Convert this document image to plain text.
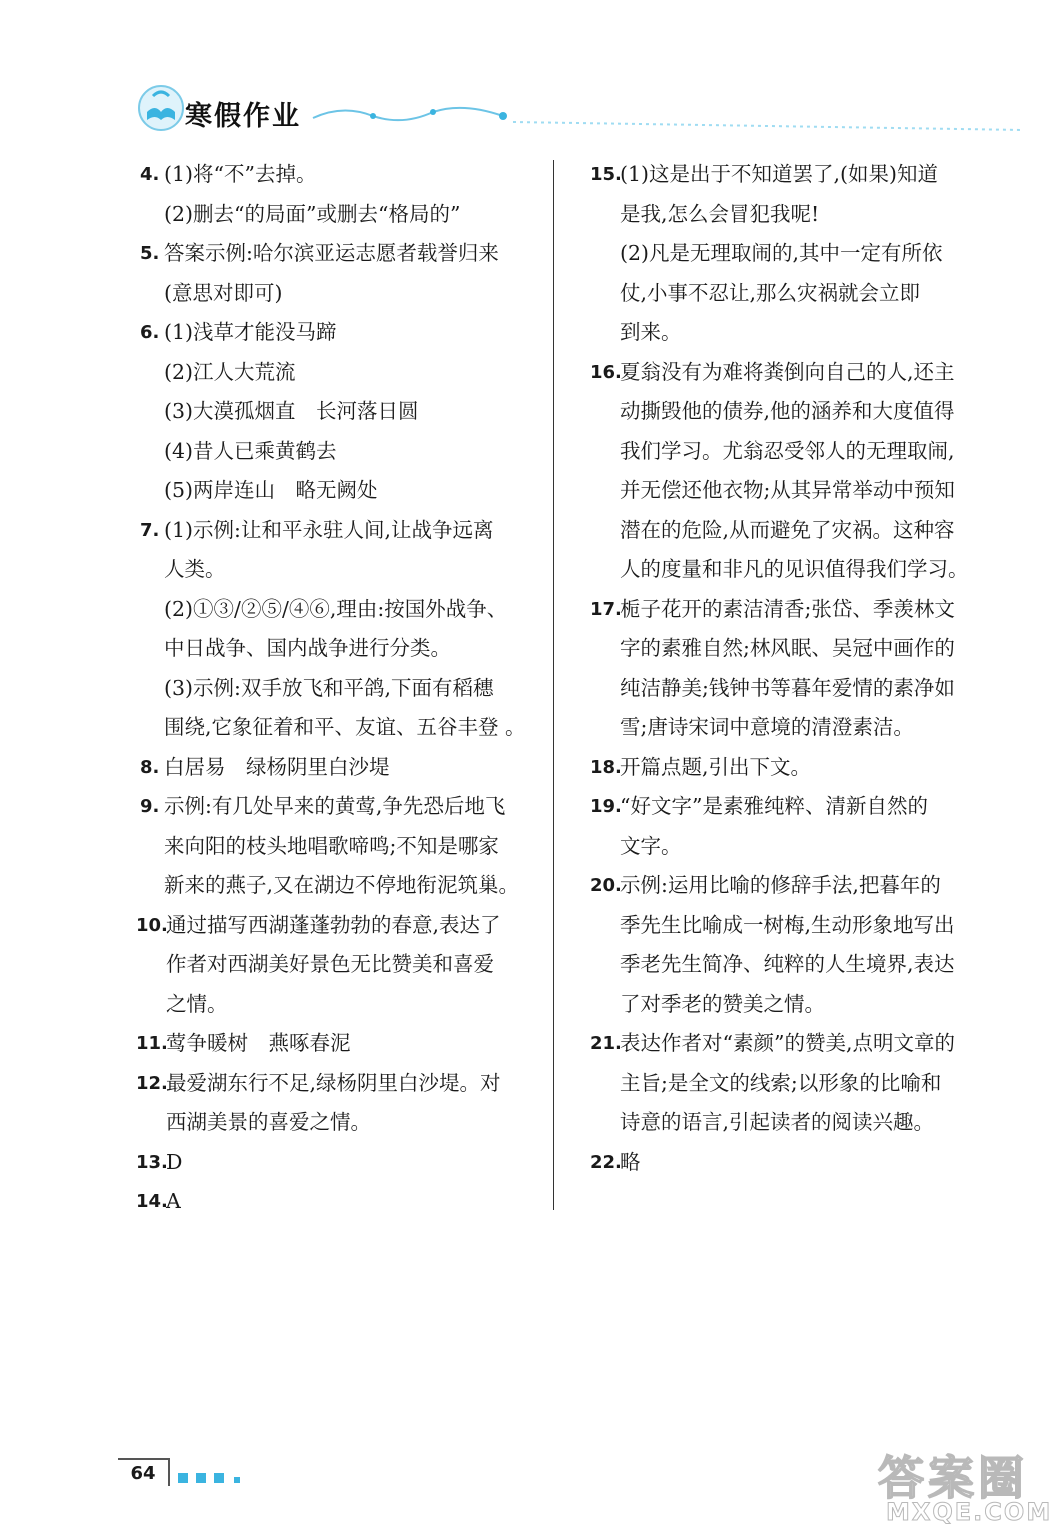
寒假作业
4. (1)将“不”去掉。
(2)删去“的局面”或删去“格局的”
5. 答案示例:哈尔滨亚运志愿者载誉归来
(意思对即可)
6. (1)浅草才能没马蹄
(2)江人大荒流
(3)大漠孤烟直　长河落日圆
(4)昔人已乘黄鹤去
(5)两岸连山　略无阙处
7. (1)示例:让和平永驻人间,让战争远离
人类。
(2)①③/②⑤/④⑥,理由:按国外战争、
中日战争、国内战争进行分类。
(3)示例:双手放飞和平鸽,下面有稻穗
围绕,它象征着和平、友谊、五谷丰登 。
8. 白居易　绿杨阴里白沙堤
9. 示例:有几处早来的黄莺,争先恐后地飞
来向阳的枝头地唱歌啼鸣;不知是哪家
新来的燕子,又在湖边不停地衔泥筑巢。
10.
通过描写西湖蓬蓬勃勃的春意,表达了
作者对西湖美好景色无比赞美和喜爱
之情。
11.
莺争暖树　燕啄春泥
12.
最爱湖东行不足,绿杨阴里白沙堤。对
西湖美景的喜爱之情。
13.
D
14.
A
15.
(1)这是出于不知道罢了,(如果)知道
是我,怎么会冒犯我呢!
(2)凡是无理取闹的,其中一定有所依
仗,小事不忍让,那么灾祸就会立即
到来。
16.
夏翁没有为难将粪倒向自己的人,还主
动撕毁他的债券,他的涵养和大度值得
我们学习。尤翁忍受邻人的无理取闹,
并无偿还他衣物;从其异常举动中预知
潜在的危险,从而避免了灾祸。这种容
人的度量和非凡的见识值得我们学习。
17.
栀子花开的素洁清香;张岱、季羡林文
字的素雅自然;林风眠、吴冠中画作的
纯洁静美;钱钟书等暮年爱情的素净如
雪;唐诗宋词中意境的清澄素洁。
18.
开篇点题,引出下文。
19.
“好文字”是素雅纯粹、清新自然的
文字。
20.
示例:运用比喻的修辞手法,把暮年的
季先生比喻成一树梅,生动形象地写出
季老先生简净、纯粹的人生境界,表达
了对季老的赞美之情。
21.
表达作者对“素颜”的赞美,点明文章的
主旨;是全文的线索;以形象的比喻和
诗意的语言,引起读者的阅读兴趣。
22.
略
64	答案圈
MXQE.COM
